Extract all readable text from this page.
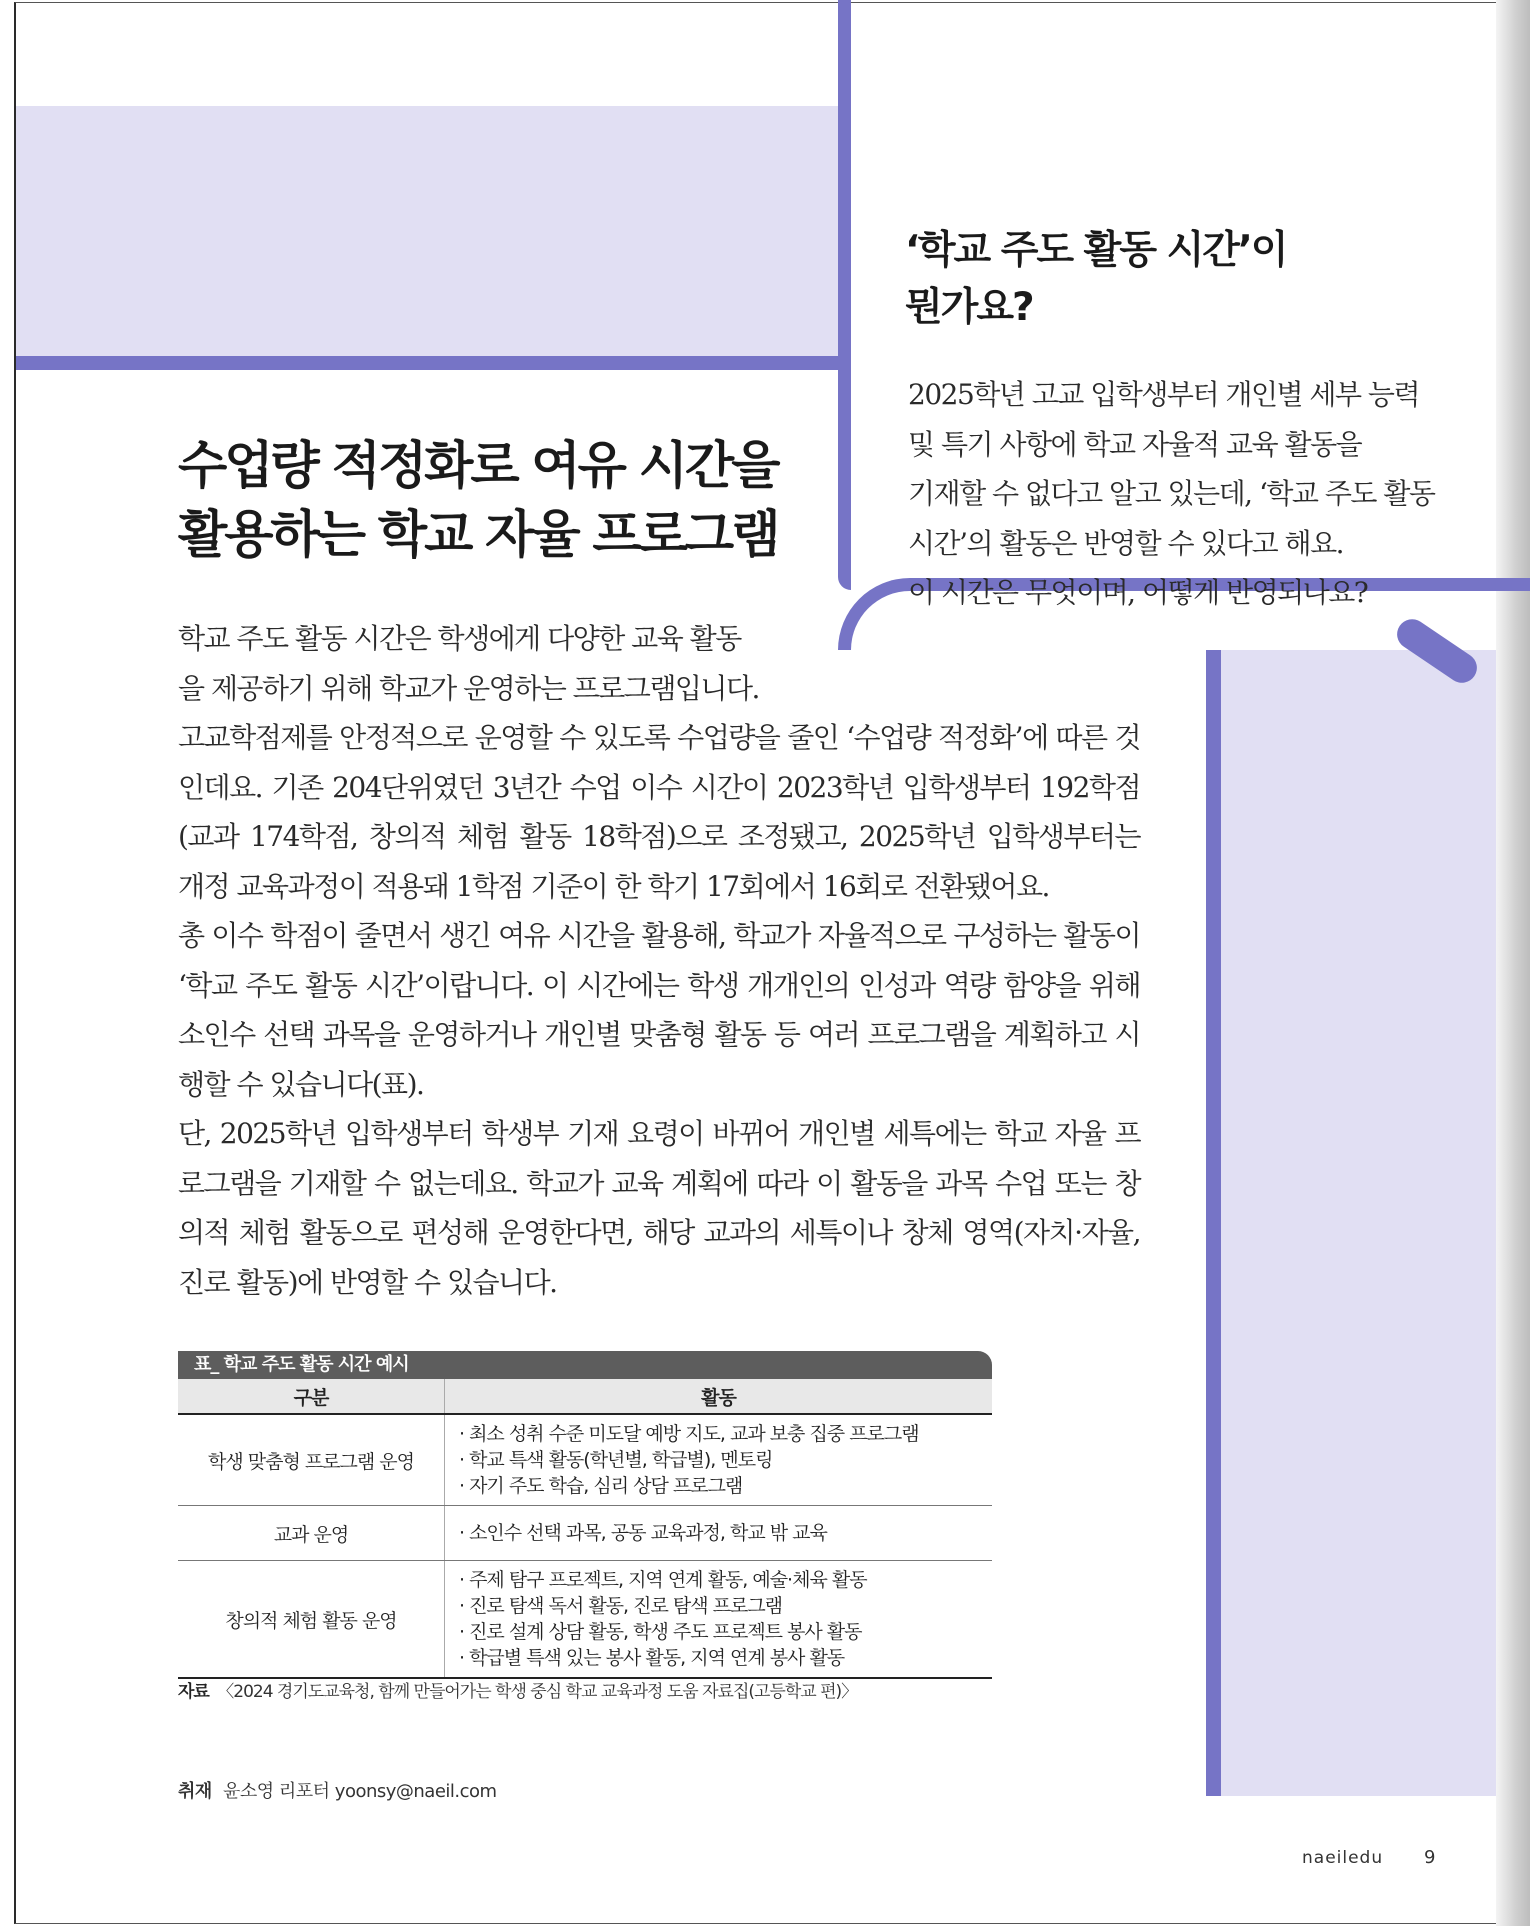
‘학교 주도 활동 시간’이
뭔가요?
2025학년 고교 입학생부터 개인별 세부 능력
및 특기 사항에 학교 자율적 교육 활동을
기재할 수 없다고 알고 있는데, ‘학교 주도 활동
시간’의 활동은 반영할 수 있다고 해요.
이 시간은 무엇이며, 어떻게 반영되나요?
수업량 적정화로 여유 시간을
활용하는 학교 자율 프로그램
학교 주도 활동 시간은 학생에게 다양한 교육 활동
을 제공하기 위해 학교가 운영하는 프로그램입니다.

고교학점제를 안정적으로 운영할 수 있도록 수업량을 줄인 ‘수업량 적정화’에 따른 것인데요. 기존 204단위였던 3년간 수업 이수 시간이 2023학년 입학생부터 192학점(교과 174학점, 창의적 체험 활동 18학점)으로 조정됐고, 2025학년 입학생부터는 개정 교육과정이 적용돼 1학점 기준이 한 학기 17회에서 16회로 전환됐어요.

총 이수 학점이 줄면서 생긴 여유 시간을 활용해, 학교가 자율적으로 구성하는 활동이 ‘학교 주도 활동 시간’이랍니다. 이 시간에는 학생 개개인의 인성과 역량 함양을 위해 소인수 선택 과목을 운영하거나 개인별 맞춤형 활동 등 여러 프로그램을 계획하고 시행할 수 있습니다(표).

단, 2025학년 입학생부터 학생부 기재 요령이 바뀌어 개인별 세특에는 학교 자율 프로그램을 기재할 수 없는데요. 학교가 교육 계획에 따라 이 활동을 과목 수업 또는 창의적 체험 활동으로 편성해 운영한다면, 해당 교과의 세특이나 창체 영역(자치·자율, 진로 활동)에 반영할 수 있습니다.

표_ 학교 주도 활동 시간 예시
구분	활동
학생 맞춤형 프로그램 운영	· 최소 성취 수준 미도달 예방 지도, 교과 보충 집중 프로그램
· 학교 특색 활동(학년별, 학급별), 멘토링
· 자기 주도 학습, 심리 상담 프로그램

교과 운영	· 소인수 선택 과목, 공동 교육과정, 학교 밖 교육

창의적 체험 활동 운영	· 주제 탐구 프로젝트, 지역 연계 활동, 예술·체육 활동
· 진로 탐색 독서 활동, 진로 탐색 프로그램
· 진로 설계 상담 활동, 학생 주도 프로젝트 봉사 활동
· 학급별 특색 있는 봉사 활동, 지역 연계 봉사 활동
자료 〈2024 경기도교육청, 함께 만들어가는 학생 중심 학교 교육과정 도움 자료집(고등학교 편)〉
취재 윤소영 리포터 yoonsy@naeil.com
naeiledu 9
